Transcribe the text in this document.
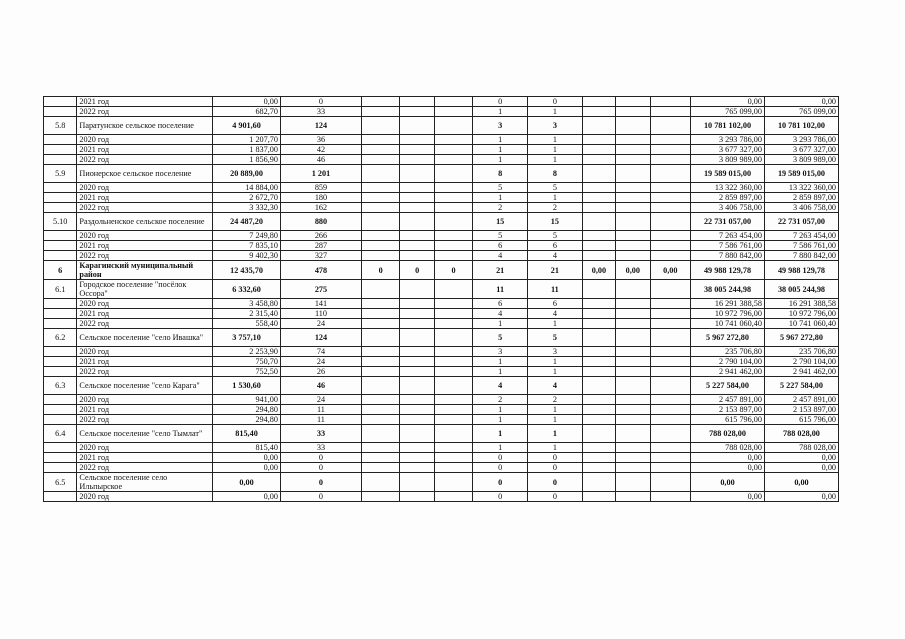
	2021 год	0,00	0				0	0				0,00	0,00
	2022 год	682,70	33				1	1				765 099,00	765 099,00
5.8	Паратунское сельское поселение	4 901,60	124				3	3				10 781 102,00	10 781 102,00
	2020 год	1 207,70	36				1	1				3 293 786,00	3 293 786,00
	2021 год	1 837,00	42				1	1				3 677 327,00	3 677 327,00
	2022 год	1 856,90	46				1	1				3 809 989,00	3 809 989,00
5.9	Пионерское сельское поселение	20 889,00	1 201				8	8				19 589 015,00	19 589 015,00
	2020 год	14 884,00	859				5	5				13 322 360,00	13 322 360,00
	2021 год	2 672,70	180				1	1				2 859 897,00	2 859 897,00
	2022 год	3 332,30	162				2	2				3 406 758,00	3 406 758,00
5.10	Раздольненское сельское поселение	24 487,20	880				15	15				22 731 057,00	22 731 057,00
	2020 год	7 249,80	266				5	5				7 263 454,00	7 263 454,00
	2021 год	7 835,10	287				6	6				7 586 761,00	7 586 761,00
	2022 год	9 402,30	327				4	4				7 880 842,00	7 880 842,00
6	Карагинский муниципальный район	12 435,70	478	0	0	0	21	21	0,00	0,00	0,00	49 988 129,78	49 988 129,78
6.1	Городское поселение "посёлок Оссора"	6 332,60	275				11	11				38 005 244,98	38 005 244,98
	2020 год	3 458,80	141				6	6				16 291 388,58	16 291 388,58
	2021 год	2 315,40	110				4	4				10 972 796,00	10 972 796,00
	2022 год	558,40	24				1	1				10 741 060,40	10 741 060,40
6.2	Сельское поселение "село Ивашка"	3 757,10	124				5	5				5 967 272,80	5 967 272,80
	2020 год	2 253,90	74				3	3				235 706,80	235 706,80
	2021 год	750,70	24				1	1				2 790 104,00	2 790 104,00
	2022 год	752,50	26				1	1				2 941 462,00	2 941 462,00
6.3	Сельское поселение "село Карага"	1 530,60	46				4	4				5 227 584,00	5 227 584,00
	2020 год	941,00	24				2	2				2 457 891,00	2 457 891,00
	2021 год	294,80	11				1	1				2 153 897,00	2 153 897,00
	2022 год	294,80	11				1	1				615 796,00	615 796,00
6.4	Сельское поселение "село Тымлат"	815,40	33				1	1				788 028,00	788 028,00
	2020 год	815,40	33				1	1				788 028,00	788 028,00
	2021 год	0,00	0				0	0				0,00	0,00
	2022 год	0,00	0				0	0				0,00	0,00
6.5	Сельское поселение село Ильпырское	0,00	0				0	0				0,00	0,00
	2020 год	0,00	0				0	0				0,00	0,00
